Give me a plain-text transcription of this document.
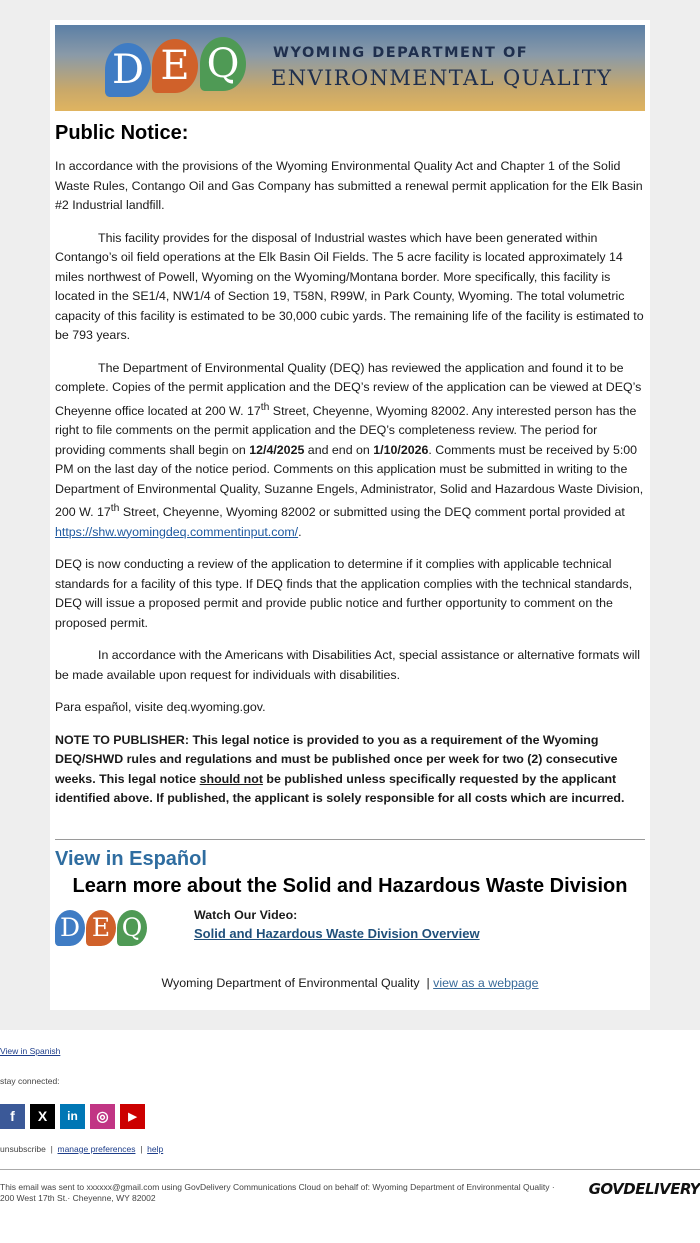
D E Q	WYOMING DEPARTMENT OF
ENVIRONMENTAL QUALITY
Public Notice:

In accordance with the provisions of the Wyoming Environmental Quality Act and Chapter 1 of the Solid Waste Rules, Contango Oil and Gas Company has submitted a renewal permit application for the Elk Basin #2 Industrial landfill.

This facility provides for the disposal of Industrial wastes which have been generated within Contango’s oil field operations at the Elk Basin Oil Fields. The 5 acre facility is located approximately 14 miles northwest of Powell, Wyoming on the Wyoming/Montana border. More specifically, this facility is located in the SE1/4, NW1/4 of Section 19, T58N, R99W, in Park County, Wyoming. The total volumetric capacity of this facility is estimated to be 30,000 cubic yards. The remaining life of the facility is estimated to be 793 years.

The Department of Environmental Quality (DEQ) has reviewed the application and found it to be complete. Copies of the permit application and the DEQ’s review of the application can be viewed at DEQ’s Cheyenne office located at 200 W. 17th Street, Cheyenne, Wyoming 82002. Any interested person has the right to file comments on the permit application and the DEQ’s completeness review. The period for providing comments shall begin on 12/4/2025 and end on 1/10/2026. Comments must be received by 5:00 PM on the last day of the notice period. Comments on this application must be submitted in writing to the Department of Environmental Quality, Suzanne Engels, Administrator, Solid and Hazardous Waste Division, 200 W. 17th Street, Cheyenne, Wyoming 82002 or submitted using the DEQ comment portal provided at https://shw.wyomingdeq.commentinput.com/.

DEQ is now conducting a review of the application to determine if it complies with applicable technical standards for a facility of this type. If DEQ finds that the application complies with the technical standards, DEQ will issue a proposed permit and provide public notice and further opportunity to comment on the proposed permit.

In accordance with the Americans with Disabilities Act, special assistance or alternative formats will be made available upon request for individuals with disabilities.

Para español, visite deq.wyoming.gov.

NOTE TO PUBLISHER: This legal notice is provided to you as a requirement of the Wyoming DEQ/SHWD rules and regulations and must be published once per week for two (2) consecutive weeks. This legal notice should not be published unless specifically requested by the applicant identified above. If published, the applicant is solely responsible for all costs which are incurred.

View in Español
Learn more about the Solid and Hazardous Waste Division
D E Q	Watch Our Video:
Solid and Hazardous Waste Division Overview
Wyoming Department of Environmental Quality | view as a webpage
View in Spanish
stay connected:
f	X	in	◎	▶
unsubscribe  |  manage preferences  |  help
This email was sent to xxxxxx@gmail.com using GovDelivery Communications Cloud on behalf of: Wyoming Department of Environmental Quality · 200 West 17th St.· Cheyenne, WY 82002	GOVDELIVERY
